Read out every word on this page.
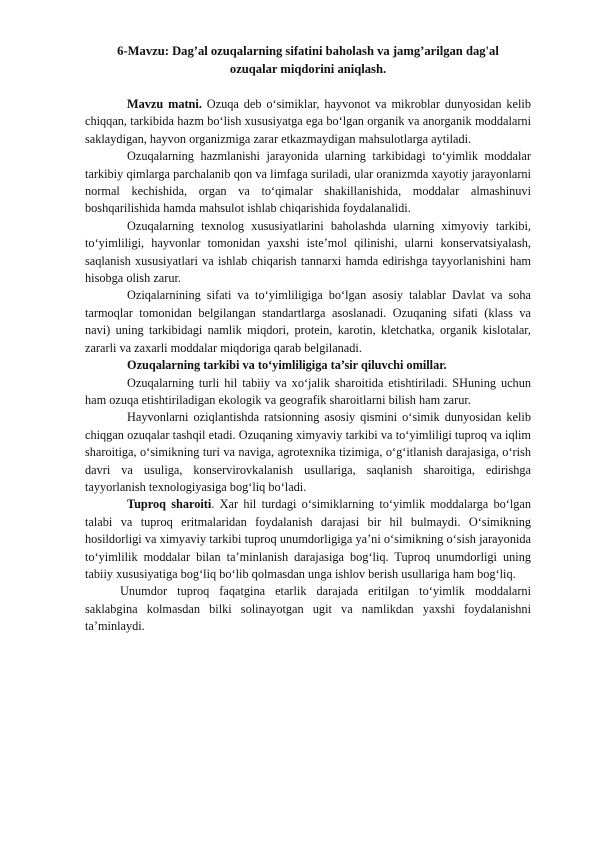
6-Mavzu: Dag’al ozuqalarning sifatini baholash va jamg’arilgan dag'al
ozuqalar miqdorini aniqlash.

Mavzu matni. Ozuqa deb o‘simiklar, hayvonot va mikroblar dunyosidan kelib chiqqan, tarkibida hazm bo‘lish xususiyatga ega bo‘lgan organik va anorganik moddalarni saklaydigan, hayvon organizmiga zarar etkazmaydigan mahsulotlarga aytiladi.

Ozuqalarning hazmlanishi jarayonida ularning tarkibidagi to‘yimlik moddalar tarkibiy qimlarga parchalanib qon va limfaga suriladi, ular oranizmda xayotiy jarayonlarni normal kechishida, organ va to‘qimalar shakillanishida, moddalar almashinuvi boshqarilishida hamda mahsulot ishlab chiqarishida foydalanalidi.

Ozuqalarning texnolog xususiyatlarini baholashda ularning ximyoviy tarkibi, to‘yimliligi, hayvonlar tomonidan yaxshi iste’mol qilinishi, ularni konservatsiyalash, saqlanish xususiyatlari va ishlab chiqarish tannarxi hamda edirishga tayyorlanishini ham hisobga olish zarur.

Oziqalarnining sifati va to‘yimliligiga bo‘lgan asosiy talablar Davlat va soha tarmoqlar tomonidan belgilangan standartlarga asoslanadi. Ozuqaning sifati (klass va navi) uning tarkibidagi namlik miqdori, protein, karotin, kletchatka, organik kislotalar, zararli va zaxarli moddalar miqdoriga qarab belgilanadi.

Ozuqalarning tarkibi va to‘yimliligiga ta’sir qiluvchi omillar.

Ozuqalarning turli hil tabiiy va xo‘jalik sharoitida etishtiriladi. SHuning uchun ham ozuqa etishtiriladigan ekologik va geografik sharoitlarni bilish ham zarur.

Hayvonlarni oziqlantishda ratsionning asosiy qismini o‘simik dunyosidan kelib chiqgan ozuqalar tashqil etadi. Ozuqaning ximyaviy tarkibi va to‘yimliligi tuproq va iqlim sharoitiga, o‘simikning turi va naviga, agrotexnika tizimiga, o‘g‘itlanish darajasiga, o‘rish davri va usuliga, konservirovkalanish usullariga, saqlanish sharoitiga, edirishga tayyorlanish texnologiyasiga bog‘liq bo‘ladi.

Tuproq sharoiti. Xar hil turdagi o‘simiklarning to‘yimlik moddalarga bo‘lgan talabi va tuproq eritmalaridan foydalanish darajasi bir hil bulmaydi. O‘simikning hosildorligi va ximyaviy tarkibi tuproq unumdorligiga ya’ni o‘simikning o‘sish jarayonida to‘yimlilik moddalar bilan ta’minlanish darajasiga bog‘liq. Tuproq unumdorligi uning tabiiy xususiyatiga bog‘liq bo‘lib qolmasdan unga ishlov berish usullariga ham bog‘liq.

Unumdor tuproq faqatgina etarlik darajada eritilgan to‘yimlik moddalarni saklabgina kolmasdan bilki solinayotgan ugit va namlikdan yaxshi foydalanishni ta’minlaydi.
